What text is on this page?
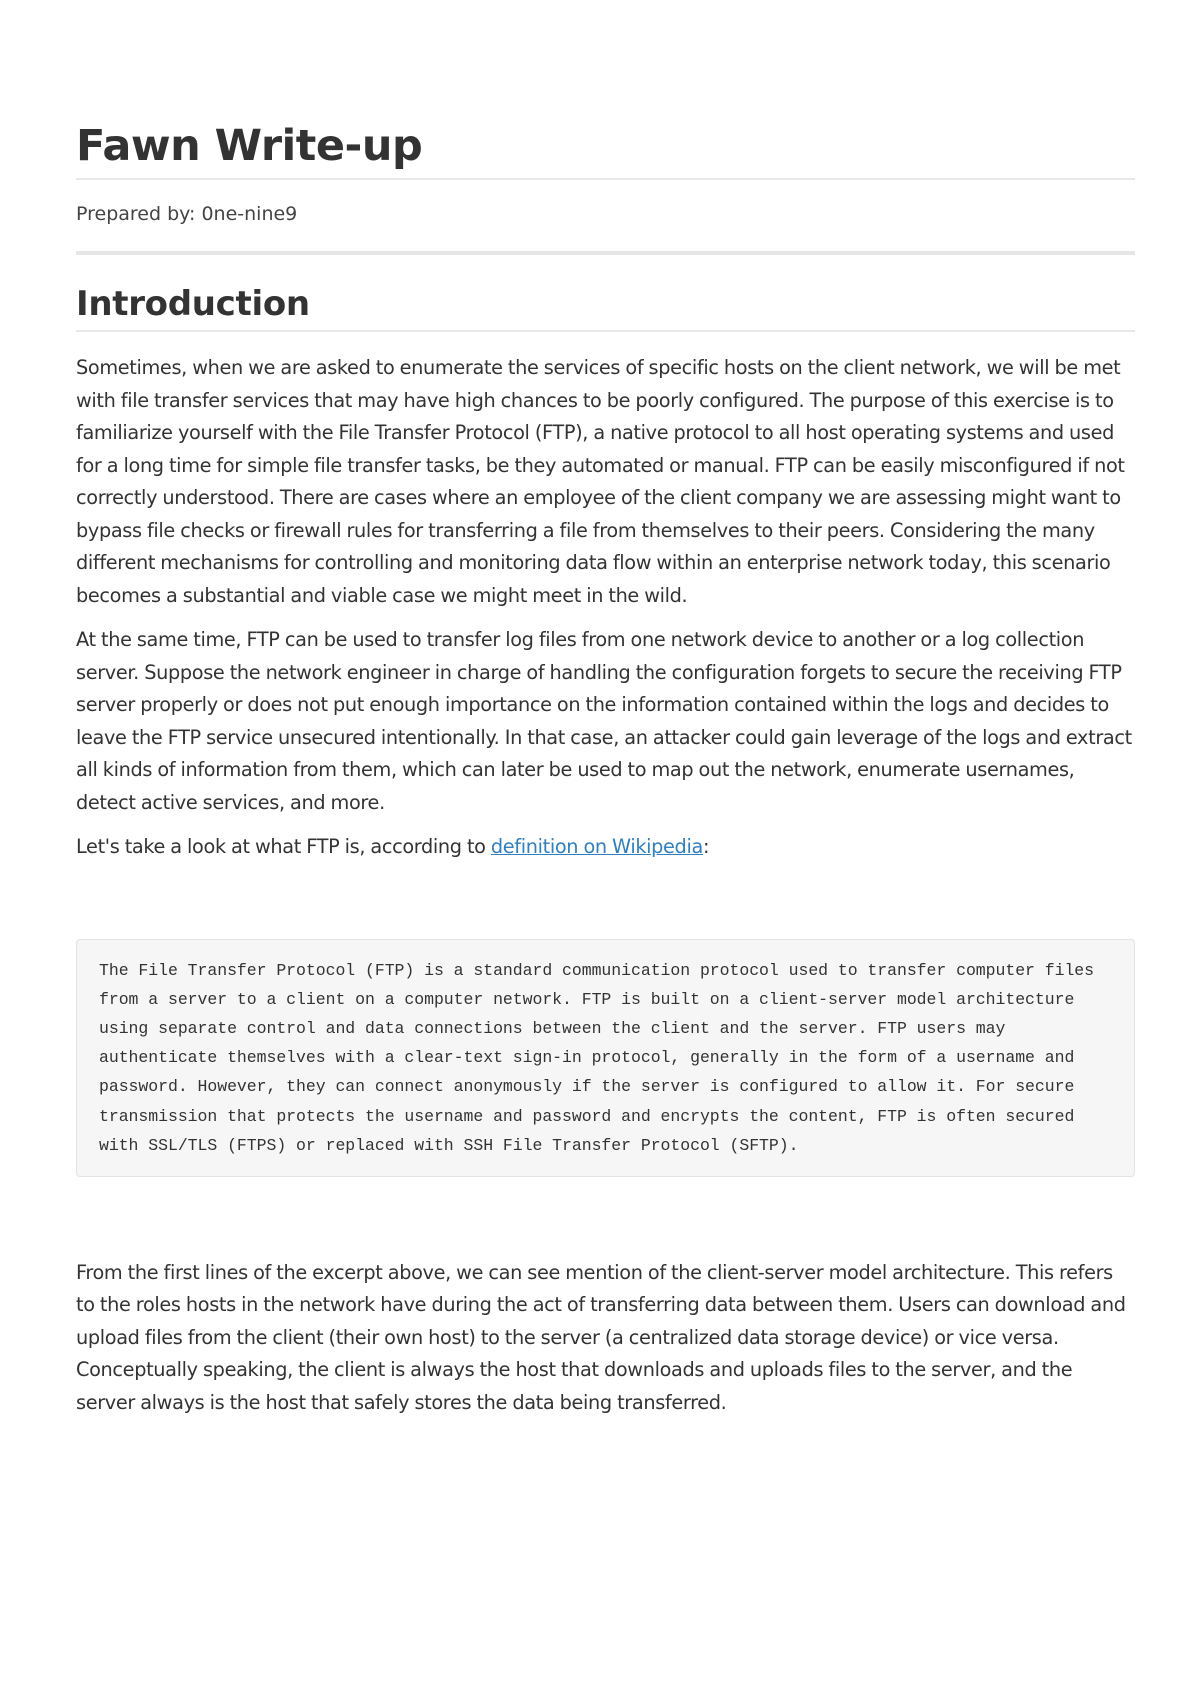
Fawn Write-up

Prepared by: 0ne-nine9

Introduction

Sometimes, when we are asked to enumerate the services of specific hosts on the client network, we will be met with file transfer services that may have high chances to be poorly configured. The purpose of this exercise is to familiarize yourself with the File Transfer Protocol (FTP), a native protocol to all host operating systems and used for a long time for simple file transfer tasks, be they automated or manual. FTP can be easily misconfigured if not correctly understood. There are cases where an employee of the client company we are assessing might want to bypass file checks or firewall rules for transferring a file from themselves to their peers. Considering the many different mechanisms for controlling and monitoring data flow within an enterprise network today, this scenario becomes a substantial and viable case we might meet in the wild.

At the same time, FTP can be used to transfer log files from one network device to another or a log collection server. Suppose the network engineer in charge of handling the configuration forgets to secure the receiving FTP server properly or does not put enough importance on the information contained within the logs and decides to leave the FTP service unsecured intentionally. In that case, an attacker could gain leverage of the logs and extract all kinds of information from them, which can later be used to map out the network, enumerate usernames, detect active services, and more.

Let's take a look at what FTP is, according to definition on Wikipedia:

The File Transfer Protocol (FTP) is a standard communication protocol used to transfer computer files from a server to a client on a computer network. FTP is built on a client-server model architecture using separate control and data connections between the client and the server. FTP users may authenticate themselves with a clear-text sign-in protocol, generally in the form of a username and password. However, they can connect anonymously if the server is configured to allow it. For secure transmission that protects the username and password and encrypts the content, FTP is often secured with SSL/TLS (FTPS) or replaced with SSH File Transfer Protocol (SFTP).

From the first lines of the excerpt above, we can see mention of the client-server model architecture. This refers to the roles hosts in the network have during the act of transferring data between them. Users can download and upload files from the client (their own host) to the server (a centralized data storage device) or vice versa. Conceptually speaking, the client is always the host that downloads and uploads files to the server, and the server always is the host that safely stores the data being transferred.
